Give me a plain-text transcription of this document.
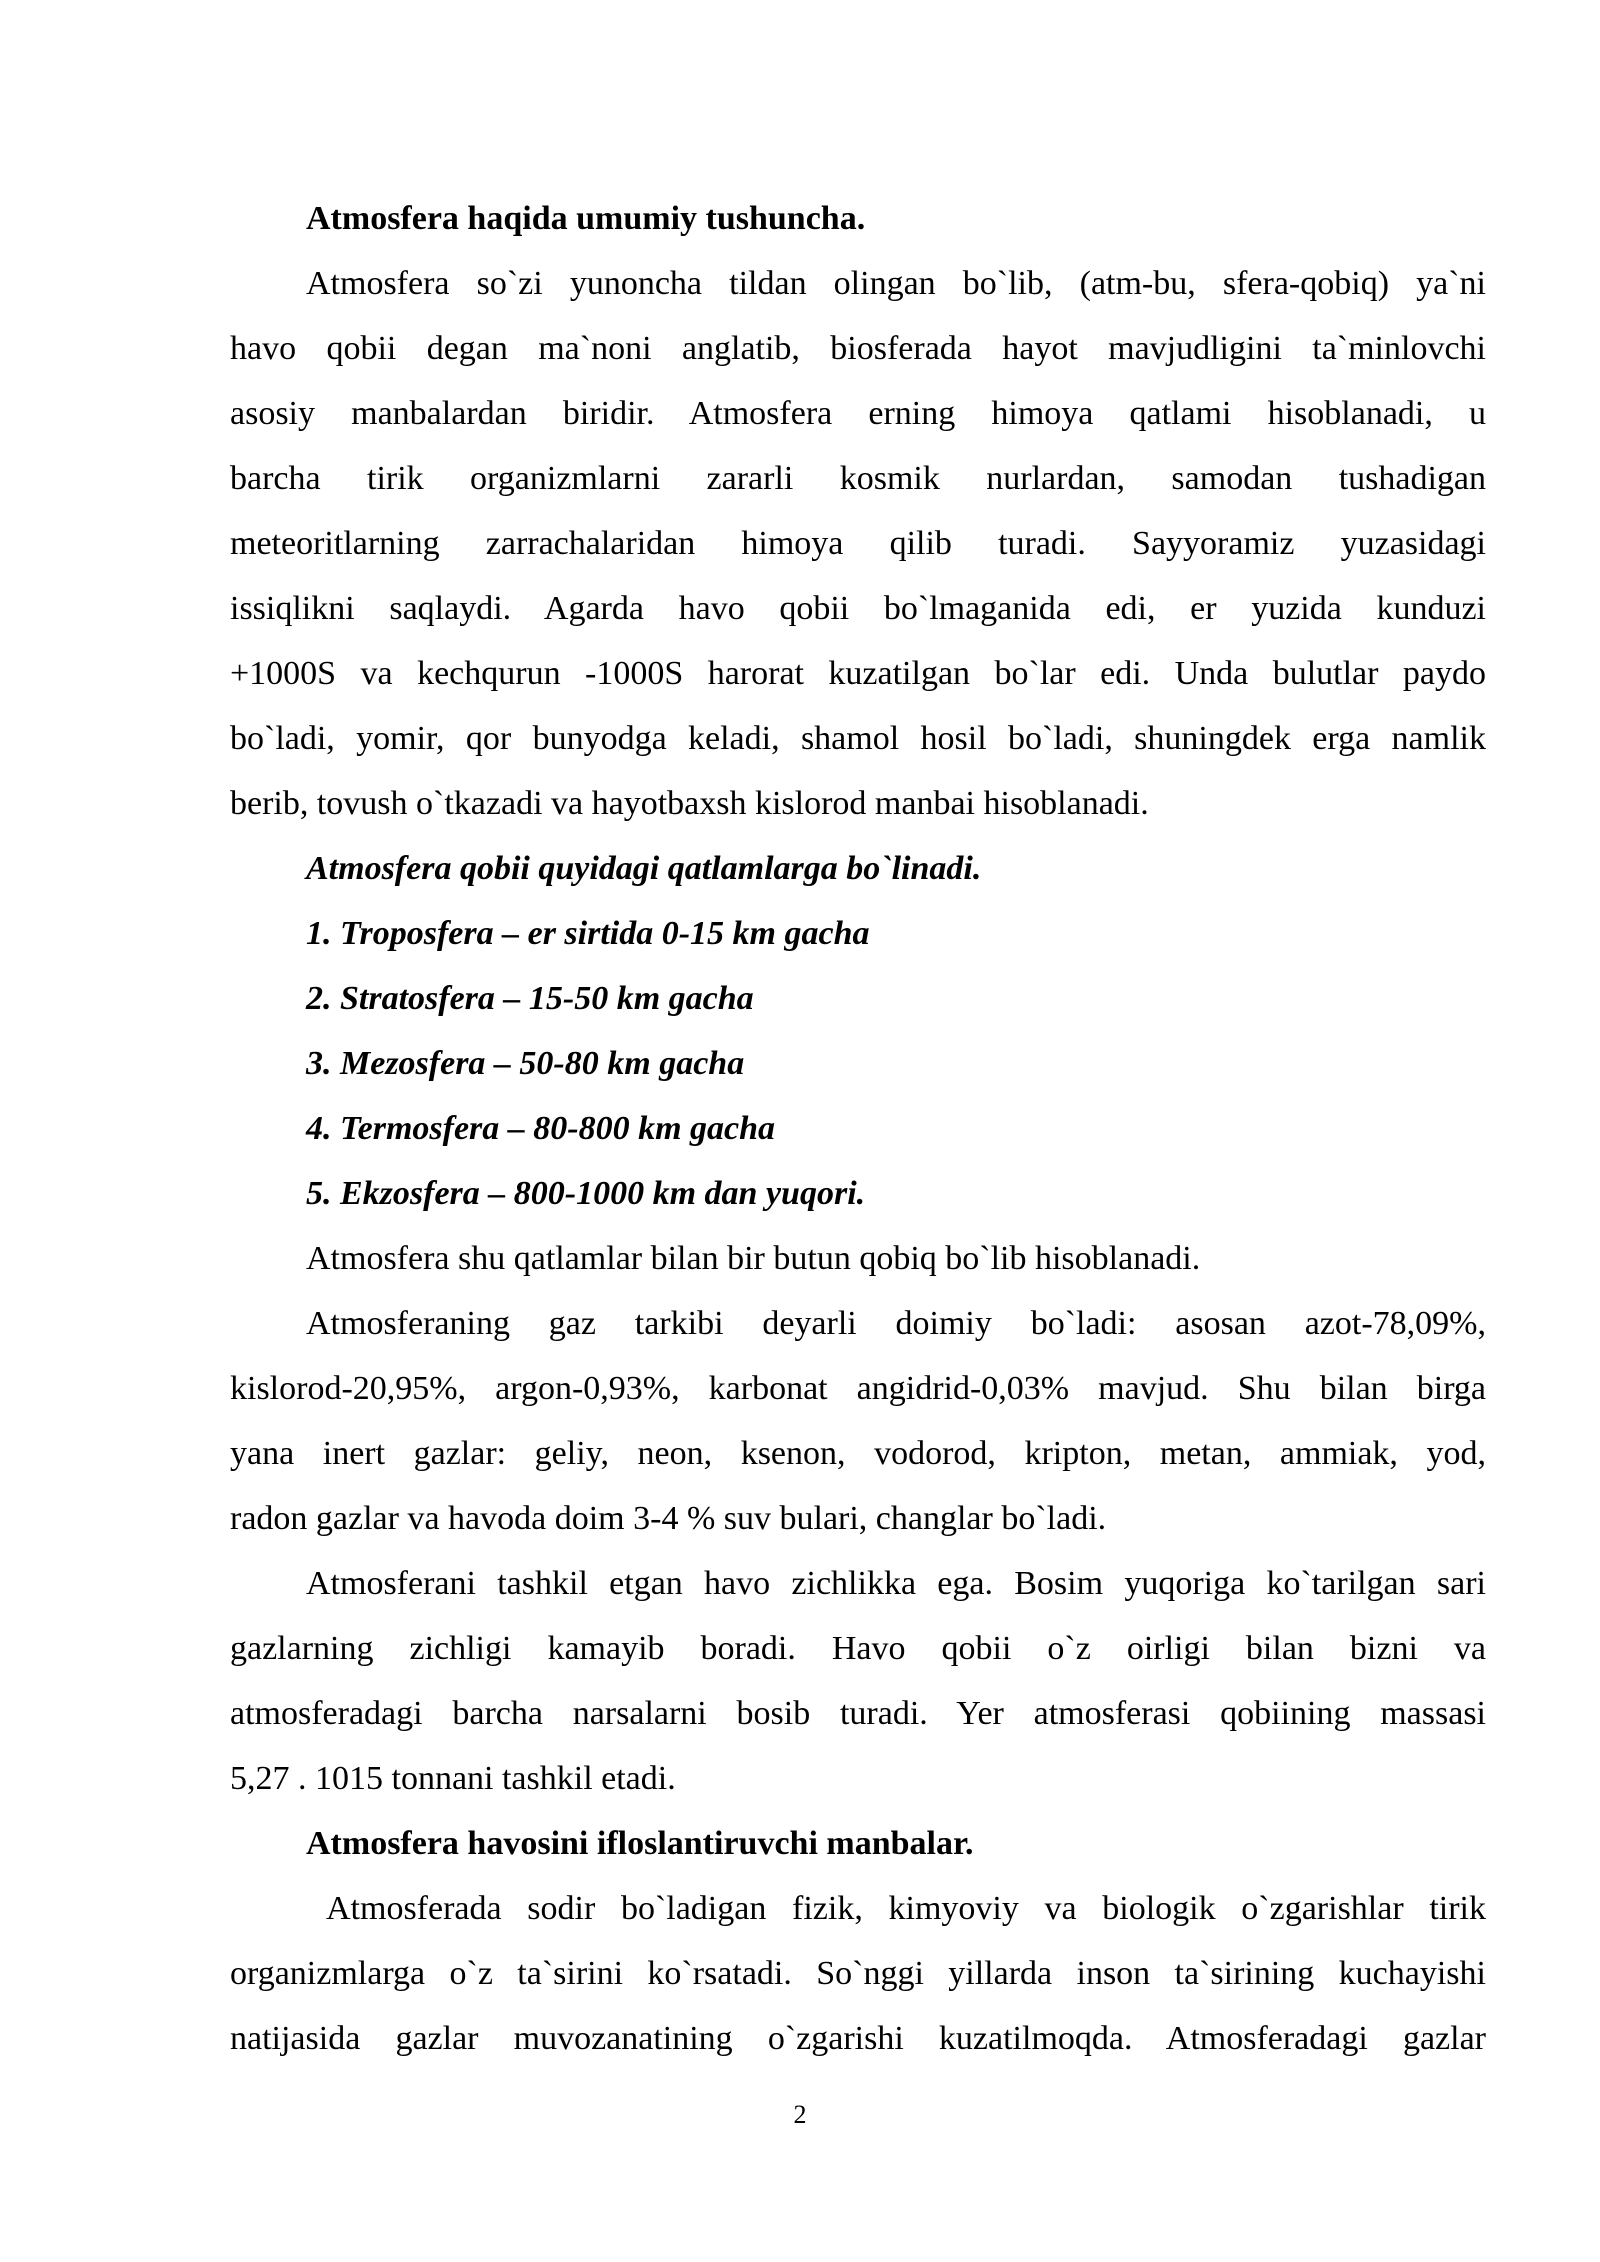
Atmosfera haqida umumiy tushuncha.
Atmosfera so`zi yunoncha tildan olingan bo`lib, (atm-bu, sfera-qobiq) ya`ni
havo qobii degan ma`noni anglatib, biosferada hayot mavjudligini ta`minlovchi
asosiy manbalardan biridir. Atmosfera erning himoya qatlami hisoblanadi, u
barcha tirik organizmlarni zararli kosmik nurlardan, samodan tushadigan
meteoritlarning zarrachalaridan himoya qilib turadi. Sayyoramiz yuzasidagi
issiqlikni saqlaydi. Agarda havo qobii bo`lmaganida edi, er yuzida kunduzi
+1000S va kechqurun -1000S harorat kuzatilgan bo`lar edi. Unda bulutlar paydo
bo`ladi, yomir, qor bunyodga keladi, shamol hosil bo`ladi, shuningdek erga namlik
berib, tovush o`tkazadi va hayotbaxsh kislorod manbai hisoblanadi.
Atmosfera qobii quyidagi qatlamlarga bo`linadi.
1. Troposfera – er sirtida 0-15 km gacha
2. Stratosfera – 15-50 km gacha
3. Mezosfera – 50-80 km gacha
4. Termosfera – 80-800 km gacha
5. Ekzosfera – 800-1000 km dan yuqori.
Atmosfera shu qatlamlar bilan bir butun qobiq bo`lib hisoblanadi.
Atmosferaning gaz tarkibi deyarli doimiy bo`ladi: asosan azot-78,09%,
kislorod-20,95%, argon-0,93%, karbonat angidrid-0,03% mavjud. Shu bilan birga
yana inert gazlar: geliy, neon, ksenon, vodorod, kripton, metan, ammiak, yod,
radon gazlar va havoda doim 3-4 % suv bulari, changlar bo`ladi.
Atmosferani tashkil etgan havo zichlikka ega. Bosim yuqoriga ko`tarilgan sari
gazlarning zichligi kamayib boradi. Havo qobii o`z oirligi bilan bizni va
atmosferadagi barcha narsalarni bosib turadi. Yer atmosferasi qobiining massasi
5,27 . 1015 tonnani tashkil etadi.
Atmosfera havosini ifloslantiruvchi manbalar.
Atmosferada sodir bo`ladigan fizik, kimyoviy va biologik o`zgarishlar tirik
organizmlarga o`z ta`sirini ko`rsatadi. So`nggi yillarda inson ta`sirining kuchayishi
natijasida gazlar muvozanatining o`zgarishi kuzatilmoqda. Atmosferadagi gazlar
2
